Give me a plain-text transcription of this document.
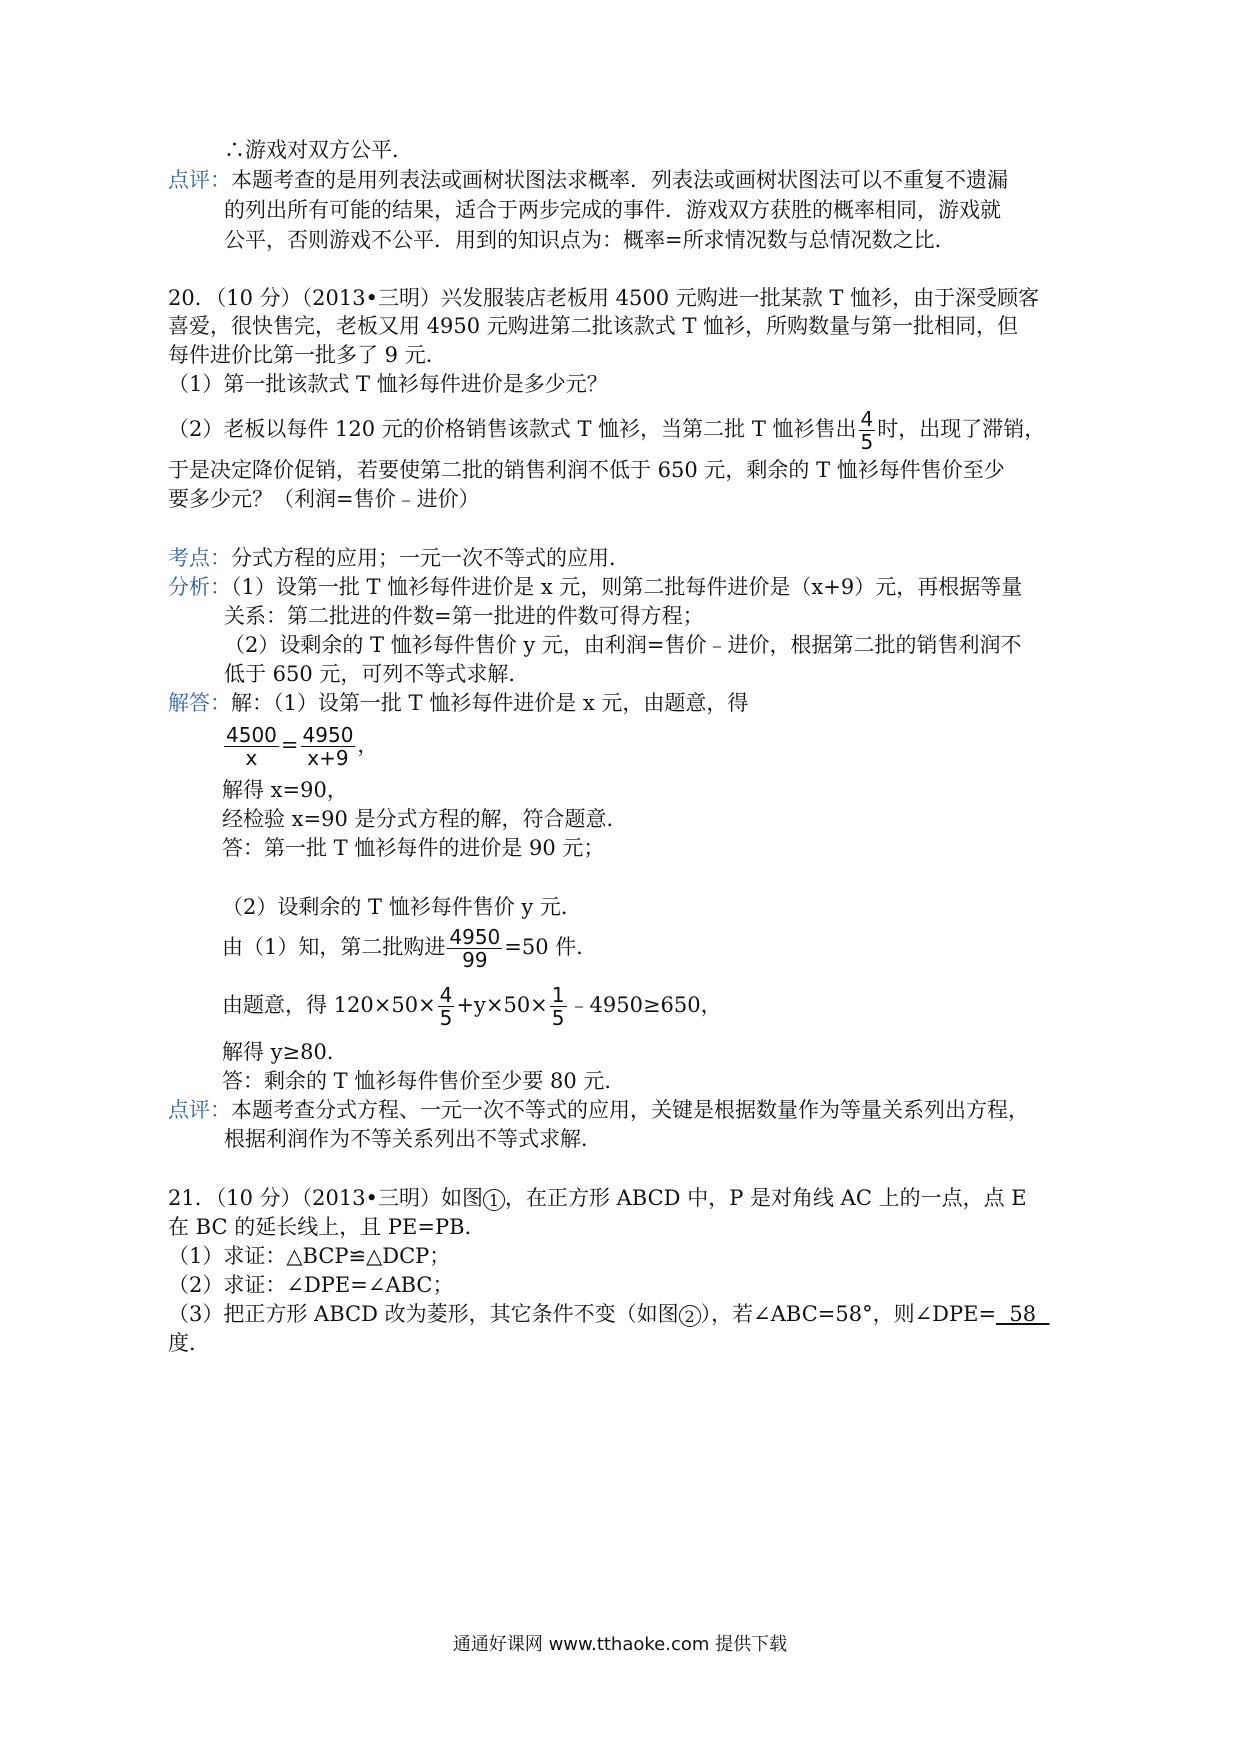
∴游戏对双方公平．
点评：本题考查的是用列表法或画树状图法求概率．列表法或画树状图法可以不重复不遗漏
的列出所有可能的结果，适合于两步完成的事件．游戏双方获胜的概率相同，游戏就
公平，否则游戏不公平．用到的知识点为：概率=所求情况数与总情况数之比．
20．（10 分）（2013•三明）兴发服装店老板用 4500 元购进一批某款 T 恤衫，由于深受顾客
喜爱，很快售完，老板又用 4950 元购进第二批该款式 T 恤衫，所购数量与第一批相同，但
每件进价比第一批多了 9 元．
（1）第一批该款式 T 恤衫每件进价是多少元？
（2）老板以每件 120 元的价格销售该款式 T 恤衫，当第二批 T 恤衫售出 $\frac{4}{5}$ 时，出现了滞销，
于是决定降价促销，若要使第二批的销售利润不低于 650 元，剩余的 T 恤衫每件售价至少
要多少元？（利润=售价﹣进价）
考点：分式方程的应用；一元一次不等式的应用．
分析：（1）设第一批 T 恤衫每件进价是 x 元，则第二批每件进价是（x+9）元，再根据等量
关系：第二批进的件数=第一批进的件数可得方程；
（2）设剩余的 T 恤衫每件售价 y 元，由利润=售价﹣进价，根据第二批的销售利润不
低于 650 元，可列不等式求解．
解答：解：（1）设第一批 T 恤衫每件进价是 x 元，由题意，得
$\frac{4500}{x} = \frac{4950}{x+9}$ ，
解得 x=90，
经检验 x=90 是分式方程的解，符合题意．
答：第一批 T 恤衫每件的进价是 90 元；
（2）设剩余的 T 恤衫每件售价 y 元．
由（1）知，第二批购进 $\frac{4950}{99} =50$ 件．
由题意，得 $120\times 50\times \frac{4}{5} +y\times 50\times \frac{1}{5}$ ﹣4950≥650，
解得 y≥80．
答：剩余的 T 恤衫每件售价至少要 80 元．
点评：本题考查分式方程、一元一次不等式的应用，关键是根据数量作为等量关系列出方程，
根据利润作为不等关系列出不等式求解．
21．（10 分）（2013•三明）如图 1 ，在正方形 ABCD 中，P 是对角线 AC 上的一点，点 E
在 BC 的延长线上，且 PE=PB．
（1）求证：△BCP≌△DCP；
（2）求证：∠DPE=∠ABC；
（3）把正方形 ABCD 改为菱形，其它条件不变（如图 2 ），若∠ABC=58°，则∠DPE=  58
度．
通通好课网 www.tthaoke.com 提供下载
